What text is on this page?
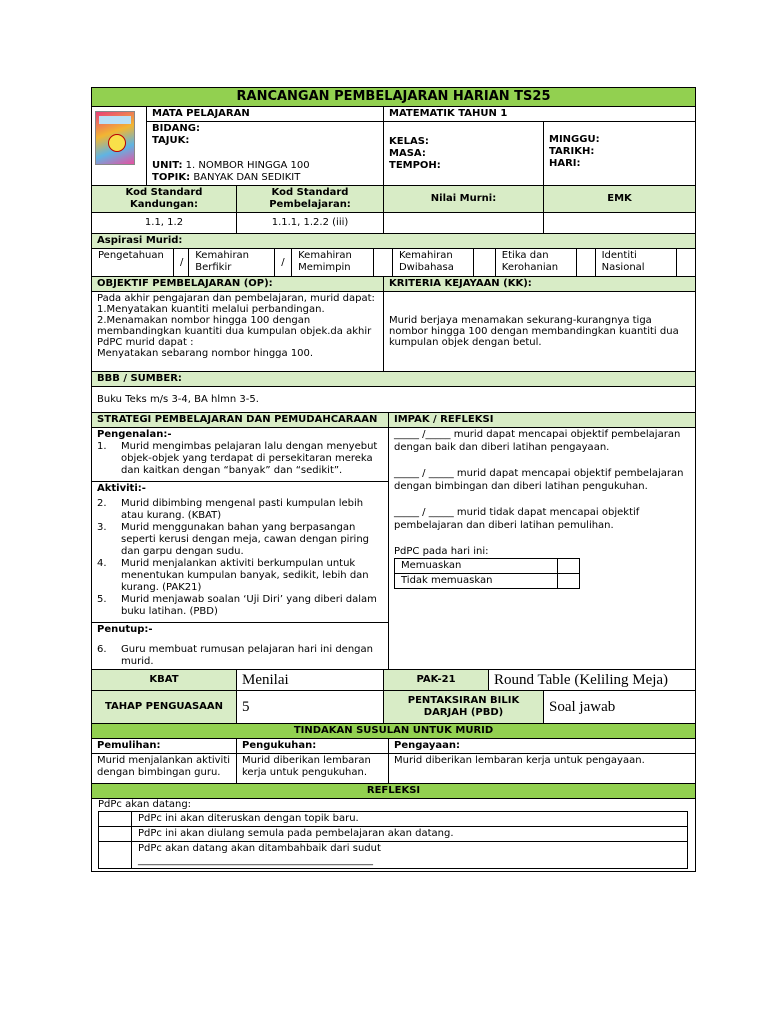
RANCANGAN PEMBELAJARAN HARIAN TS25

	MATA PELAJARAN	MATEMATIK TAHUN 1

BIDANG:
TAJUK:
UNIT: 1. NOMBOR HINGGA 100
TOPIK: BANYAK DAN SEDIKIT

KELAS:
MASA:
TEMPOH:

MINGGU:
TARIKH:
HARI:

Kod Standard Kandungan:	Kod Standard Pembelajaran:	Nilai Murni:	EMK
1.1, 1.2	1.1.1, 1.2.2 (iii)		
Aspirasi Murid:

Pengetahuan	/	Kemahiran Berfikir	/	Kemahiran Memimpin		Kemahiran Dwibahasa		Etika dan Kerohanian		Identiti Nasional	

OBJEKTIF PEMBELAJARAN (OP):	KRITERIA KEJAYAAN (KK):

Pada akhir pengajaran dan pembelajaran, murid dapat:
1.Menyatakan kuantiti melalui perbandingan.
2.Menamakan nombor hingga 100 dengan membandingkan kuantiti dua kumpulan objek.da akhir
PdPC murid dapat :
Menyatakan sebarang nombor hingga 100.
	Murid berjaya menamakan sekurang-kurangnya tiga nombor hingga 100 dengan membandingkan kuantiti dua kumpulan objek dengan betul.
BBB / SUMBER:
Buku Teks m/s 3-4, BA hlmn 3-5.
STRATEGI PEMBELAJARAN DAN PEMUDAHCARAAN	IMPAK / REFLEKSI

Pengenalan:-
1.	Murid mengimbas pelajaran lalu dengan menyebut objek-objek yang terdapat di persekitaran mereka dan kaitkan dengan “banyak” dan “sedikit”.
Aktiviti:-
2.	Murid dibimbing mengenal pasti kumpulan lebih atau kurang. (KBAT)
3.	Murid menggunakan bahan yang berpasangan seperti kerusi dengan meja, cawan dengan piring dan garpu dengan sudu.
4.	Murid menjalankan aktiviti berkumpulan untuk menentukan kumpulan banyak, sedikit, lebih dan kurang. (PAK21)
5.	Murid menjawab soalan ‘Uji Diri’ yang diberi dalam buku latihan. (PBD)
Penutup:-
6.	Guru membuat rumusan pelajaran hari ini dengan murid.

_____ /_____ murid dapat mencapai objektif pembelajaran dengan baik dan diberi latihan pengayaan.
_____ / _____ murid dapat mencapai objektif pembelajaran dengan bimbingan dan diberi latihan pengukuhan.
_____ / _____ murid tidak dapat mencapai objektif pembelajaran dan diberi latihan pemulihan.
PdPC pada hari ini:
Memuaskan	
Tidak memuaskan	

KBAT	Menilai	PAK-21	Round Table (Keliling Meja)
TAHAP PENGUASAAN	5	PENTAKSIRAN BILIK DARJAH (PBD)	Soal jawab
TINDAKAN SUSULAN UNTUK MURID
Pemulihan:	Pengukuhan:	Pengayaan:
Murid menjalankan aktiviti dengan bimbingan guru.	Murid diberikan lembaran kerja untuk pengukuhan.	Murid diberikan lembaran kerja untuk pengayaan.
REFLEKSI

PdPc akan datang:
	PdPc ini akan diteruskan dengan topik baru.
	PdPc ini akan diulang semula pada pembelajaran akan datang.

PdPc akan datang akan ditambahbaik dari sudut
_______________________________________________
